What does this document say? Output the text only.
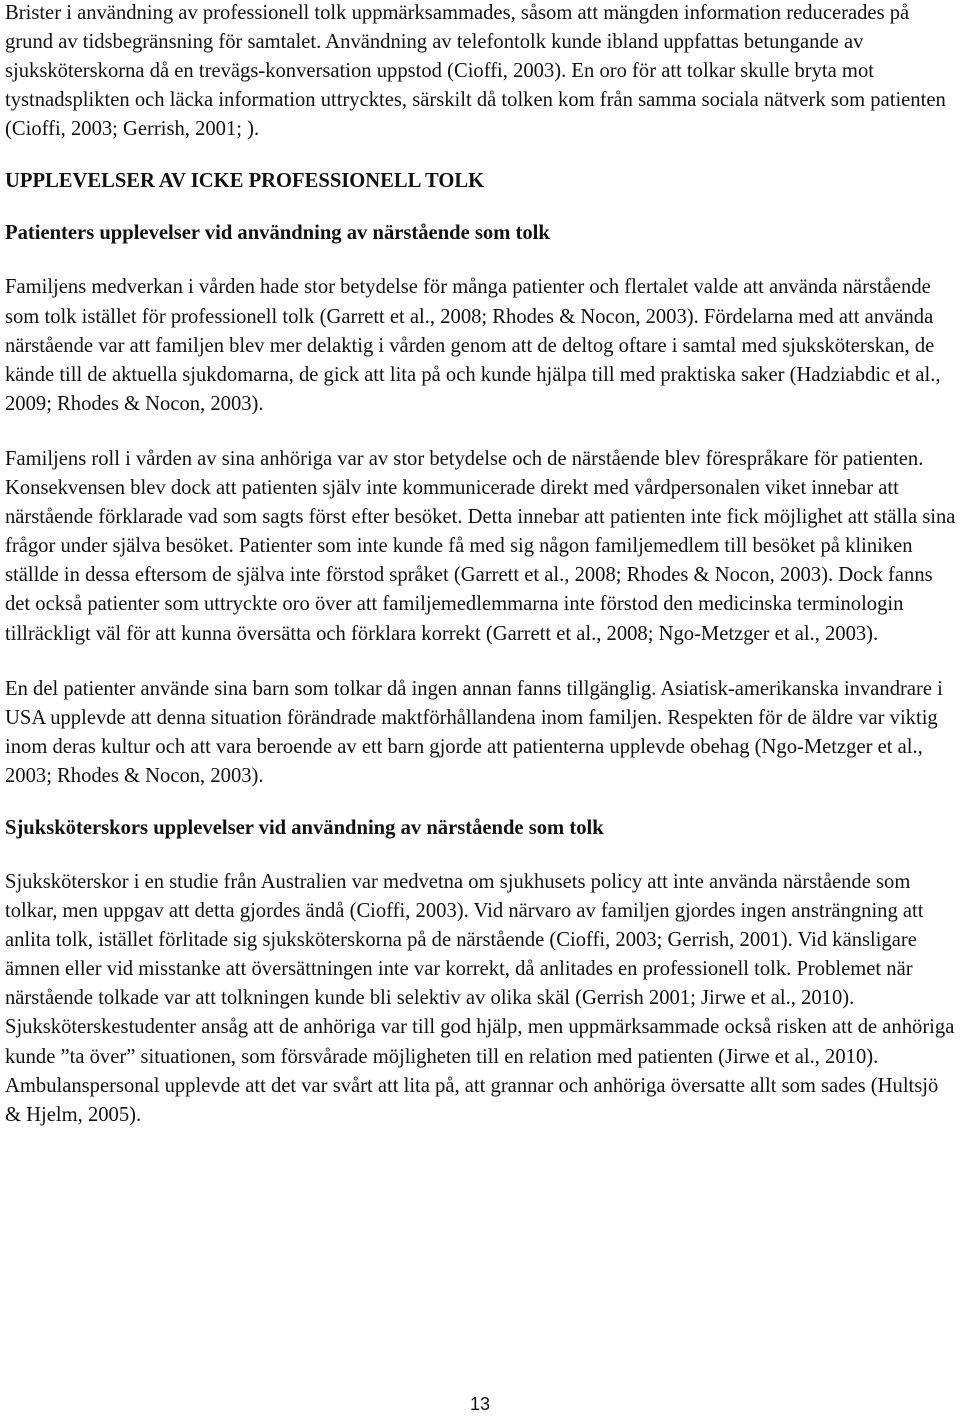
Brister i användning av professionell tolk uppmärksammades, såsom att mängden information reducerades på grund av tidsbegränsning för samtalet. Användning av telefontolk kunde ibland uppfattas betungande av sjuksköterskorna då en trevägs-konversation uppstod (Cioffi, 2003). En oro för att tolkar skulle bryta mot tystnadsplikten och läcka information uttrycktes, särskilt då tolken kom från samma sociala nätverk som patienten (Cioffi, 2003; Gerrish, 2001; ).

UPPLEVELSER AV ICKE PROFESSIONELL TOLK
Patienters upplevelser vid användning av närstående som tolk

Familjens medverkan i vården hade stor betydelse för många patienter och flertalet valde att använda närstående som tolk istället för professionell tolk (Garrett et al., 2008; Rhodes & Nocon, 2003). Fördelarna med att använda närstående var att familjen blev mer delaktig i vården genom att de deltog oftare i samtal med sjuksköterskan, de kände till de aktuella sjukdomarna, de gick att lita på och kunde hjälpa till med praktiska saker (Hadziabdic et al., 2009; Rhodes & Nocon, 2003).

Familjens roll i vården av sina anhöriga var av stor betydelse och de närstående blev förespråkare för patienten. Konsekvensen blev dock att patienten själv inte kommunicerade direkt med vårdpersonalen viket innebar att närstående förklarade vad som sagts först efter besöket. Detta innebar att patienten inte fick möjlighet att ställa sina frågor under själva besöket. Patienter som inte kunde få med sig någon familjemedlem till besöket på kliniken ställde in dessa eftersom de själva inte förstod språket (Garrett et al., 2008; Rhodes & Nocon, 2003). Dock fanns det också patienter som uttryckte oro över att familjemedlemmarna inte förstod den medicinska terminologin tillräckligt väl för att kunna översätta och förklara korrekt (Garrett et al., 2008; Ngo-Metzger et al., 2003).

En del patienter använde sina barn som tolkar då ingen annan fanns tillgänglig. Asiatisk-amerikanska invandrare i USA upplevde att denna situation förändrade maktförhållandena inom familjen. Respekten för de äldre var viktig inom deras kultur och att vara beroende av ett barn gjorde att patienterna upplevde obehag (Ngo-Metzger et al., 2003; Rhodes & Nocon, 2003).

Sjuksköterskors upplevelser vid användning av närstående som tolk

Sjuksköterskor i en studie från Australien var medvetna om sjukhusets policy att inte använda närstående som tolkar, men uppgav att detta gjordes ändå (Cioffi, 2003). Vid närvaro av familjen gjordes ingen ansträngning att anlita tolk, istället förlitade sig sjuksköterskorna på de närstående (Cioffi, 2003; Gerrish, 2001). Vid känsligare ämnen eller vid misstanke att översättningen inte var korrekt, då anlitades en professionell tolk. Problemet när närstående tolkade var att tolkningen kunde bli selektiv av olika skäl (Gerrish 2001; Jirwe et al., 2010). Sjuksköterskestudenter ansåg att de anhöriga var till god hjälp, men uppmärksammade också risken att de anhöriga kunde ”ta över” situationen, som försvårade möjligheten till en relation med patienten (Jirwe et al., 2010). Ambulanspersonal upplevde att det var svårt att lita på, att grannar och anhöriga översatte allt som sades (Hultsjö & Hjelm, 2005).

13
